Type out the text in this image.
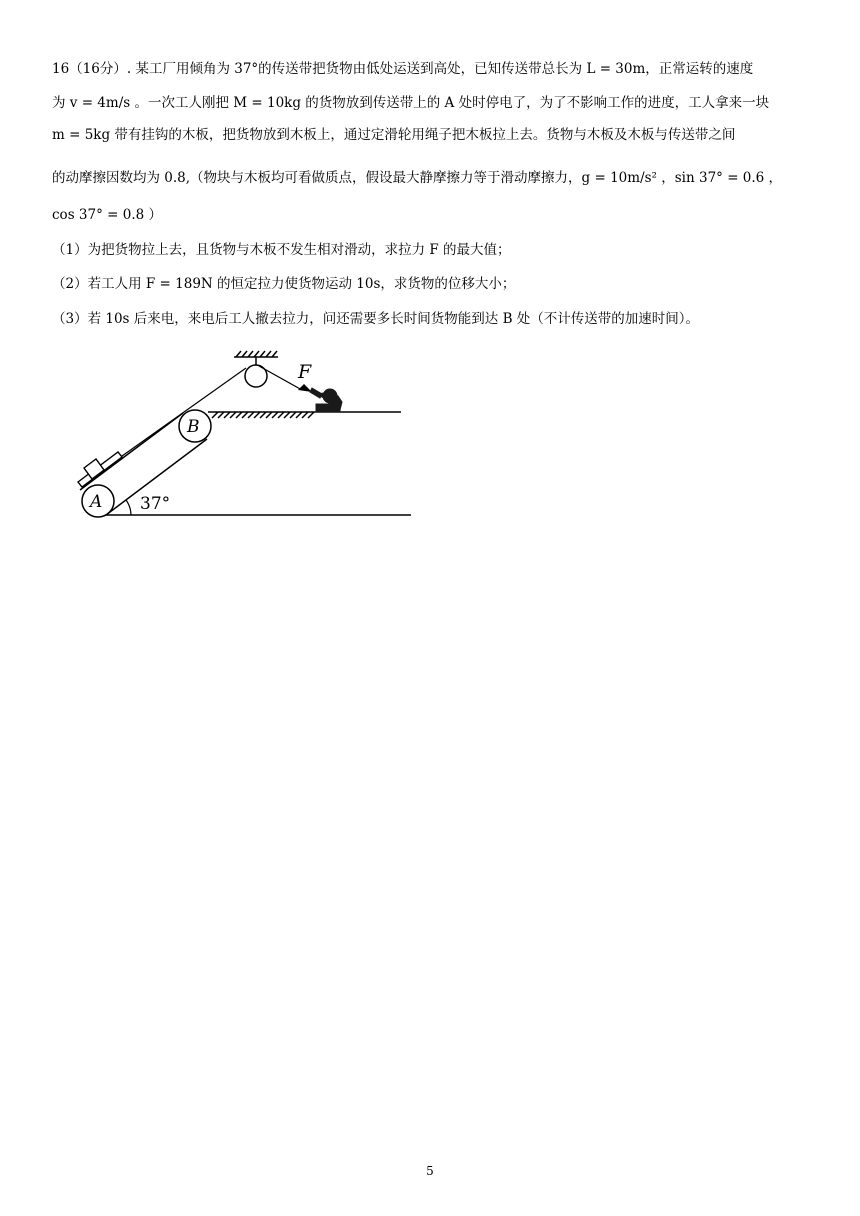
16（16分）. 某工厂用倾角为 37°的传送带把货物由低处运送到高处，已知传送带总长为 L = 30m，正常运转的速度
为 v = 4m/s 。一次工人刚把 M = 10kg 的货物放到传送带上的 A 处时停电了，为了不影响工作的进度，工人拿来一块
m = 5kg 带有挂钩的木板，把货物放到木板上，通过定滑轮用绳子把木板拉上去。货物与木板及木板与传送带之间
的动摩擦因数均为 0.8,（物块与木板均可看做质点，假设最大静摩擦力等于滑动摩擦力，g = 10m/s² ，sin 37° = 0.6 ，
cos 37° = 0.8 ）
（1）为把货物拉上去，且货物与木板不发生相对滑动，求拉力 F 的最大值；
（2）若工人用 F = 189N 的恒定拉力使货物运动 10s，求货物的位移大小；
（3）若 10s 后来电，来电后工人撤去拉力，问还需要多长时间货物能到达 B 处（不计传送带的加速时间）。
F
A
B
37°
5
